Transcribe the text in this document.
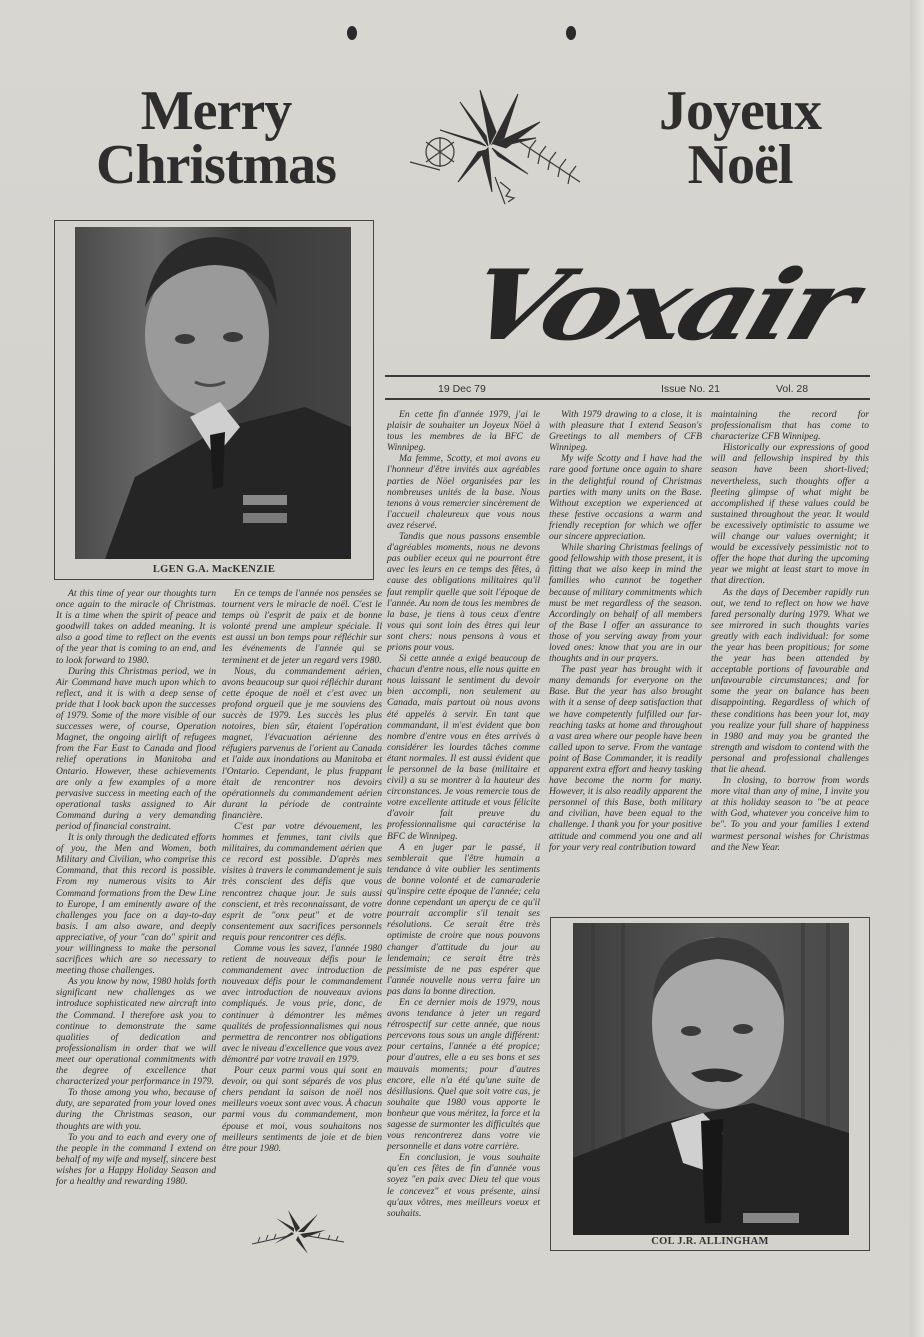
Merry
Christmas
Joyeux
Noël
LGEN G.A. MacKENZIE
Voxair
19 Dec 79	Issue No. 21	Vol. 28

At this time of year our thoughts turn once again to the miracle of Christmas. It is a time when the spirit of peace and goodwill takes on added meaning. It is also a good time to reflect on the events of the year that is coming to an end, and to look forward to 1980.

During this Christmas period, we in Air Command have much upon which to reflect, and it is with a deep sense of pride that I look back upon the successes of 1979. Some of the more visible of our successes were, of course, Operation Magnet, the ongoing airlift of refugees from the Far East to Canada and flood relief operations in Manitoba and Ontario. However, these achievements are only a few examples of a more pervasive success in meeting each of the operational tasks assigned to Air Command during a very demanding period of financial constraint.

It is only through the dedicated efforts of you, the Men and Women, both Military and Civilian, who comprise this Command, that this record is possible. From my numerous visits to Air Command formations from the Dew Line to Europe, I am eminently aware of the challenges you face on a day-to-day basis. I am also aware, and deeply appreciative, of your "can do" spirit and your willingness to make the personal sacrifices which are so necessary to meeting those challenges.

As you know by now, 1980 holds forth significant new challenges as we introduce sophisticated new aircraft into the Command. I therefore ask you to continue to demonstrate the same qualities of dedication and professionalism in order that we will meet our operational commitments with the degree of excellence that characterized your performance in 1979.

To those among you who, because of duty, are separated from your loved ones during the Christmas season, our thoughts are with you.

To you and to each and every one of the people in the command I extend on behalf of my wife and myself, sincere best wishes for a Happy Holiday Season and for a healthy and rewarding 1980.

En ce temps de l'année nos pensées se tournent vers le miracle de noël. C'est le temps où l'esprit de paix et de bonne volonté prend une ampleur spéciale. Il est aussi un bon temps pour réfléchir sur les événements de l'année qui se terminent et de jeter un regard vers 1980.

Nous, du commandement aérien, avons beaucoup sur quoi réfléchir durant cette époque de noël et c'est avec un profond orgueil que je me souviens des succès de 1979. Les succès les plus notoires, bien sûr, étaient l'opération magnet, l'évacuation aérienne des réfugiers parvenus de l'orient au Canada et l'aide aux inondations au Manitoba et l'Ontario. Cependant, le plus frappant était de rencontrer nos devoirs opérationnels du commandement aérien durant la période de contrainte financière.

C'est par votre dévouement, les hommes et femmes, tant civils que militaires, du commandement aérien que ce record est possible. D'après mes visites à travers le commandement je suis très conscient des défis que vous rencontrez chaque jour. Je suis aussi conscient, et très reconnaissant, de votre esprit de "onx peut" et de votre consentement aux sacrifices personnels requis pour rencontrer ces défis.

Comme vous les savez, l'année 1980 retient de nouveaux défis pour le commandement avec introduction de nouveaux défis pour le commandement avec introduction de nouveaux avions compliqués. Je vous prie, donc, de continuer à démontrer les mêmes qualités de professionnalismes qui nous permettra de rencontrer nos obligations avec le niveau d'excellence que vous avez démontré par votre travail en 1979.

Pour ceux parmi vous qui sont en devoir, ou qui sont séparés de vos plus chers pendant la saison de noël nos meilleurs voeux sont avec vous. À chacun parmi vous du commandement, mon épouse et moi, vous souhaitons nos meilleurs sentiments de joie et de bien être pour 1980.

En cette fin d'année 1979, j'ai le plaisir de souhaiter un Joyeux Nöel à tous les membres de la BFC de Winnipeg.

Ma femme, Scotty, et moi avons eu l'honneur d'être invités aux agréables parties de Nöel organisées par les nombreuses unités de la base. Nous tenons à vous remercier sincèrement de l'accueil chaleureux que vous nous avez réservé.

Tandis que nous passons ensemble d'agréables moments, nous ne devons pas oublier eceux qui ne pourront être avec les leurs en ce temps des fêtes, à cause des obligations militaires qu'il faut remplir quelle que soit l'époque de l'année. Au nom de tous les membres de la base, je tiens à tous ceux d'entre vous qui sont loin des êtres qui leur sont chers: nous pensons à vous et prions pour vous.

Si cette année a exigé beaucoup de chacun d'entre nous, elle nous quitte en nous laissant le sentiment du devoir bien accompli, non seulement au Canada, mais partout où nous avons été appelés à servir. En tant que commandant, il m'est évident que bon nombre d'entre vous en êtes arrivés à considérer les lourdes tâches comme étant normales. Il est aussi évident que le personnel de la base (militaire et civil) a su se montrer à la hauteur des circonstances. Je vous remercie tous de votre excellente attitude et vous félicite d'avoir fait preuve du professionnalisme qui caractérise la BFC de Winnipeg.

A en juger par le passé, il semblerait que l'être humain a tendance à vite oublier les sentiments de bonne volonté et de camaraderie qu'inspire cette époque de l'année; cela donne cependant un aperçu de ce qu'il pourrait accomplir s'il tenait ses résolutions. Ce serait être très optimiste de croire que nous pouvons changer d'attitude du jour au lendemain; ce serait être très pessimiste de ne pas espérer que l'année nouvelle nous verra faire un pas dans la bonne direction.

En ce dernier mois de 1979, nous avons tendance à jeter un regard rétrospectif sur cette année, que nous percevons tous sous un angle différent: pour certains, l'année a été propice; pour d'autres, elle a eu ses bons et ses mauvais moments; pour d'autres encore, elle n'a été qu'une suite de désillusions. Quel que soit votre cas, je souhaite que 1980 vous apporte le bonheur que vous méritez, la force et la sagesse de surmonter les difficultés que vous rencontrerez dans votre vie personnelle et dans votre carrière.

En conclusion, je vous souhaite qu'en ces fêtes de fin d'année vous soyez "en paix avec Dieu tel que vous le concevez" et vous présente, ainsi qu'aux vôtres, mes meilleurs voeux et souhaits.

With 1979 drawing to a close, it is with pleasure that I extend Season's Greetings to all members of CFB Winnipeg.

My wife Scotty and I have had the rare good fortune once again to share in the delightful round of Christmas parties with many units on the Base. Without exception we experienced at these festive occasions a warm and friendly reception for which we offer our sincere appreciation.

While sharing Christmas feelings of good fellowship with those present, it is fitting that we also keep in mind the families who cannot be together because of military commitments which must be met regardless of the season. Accordingly on behalf of all members of the Base I offer an assurance to those of you serving away from your loved ones: know that you are in our thoughts and in our prayers.

The past year has brought with it many demands for everyone on the Base. But the year has also brought with it a sense of deep satisfaction that we have competently fulfilled our far-reaching tasks at home and throughout a vast area where our people have been called upon to serve. From the vantage point of Base Commander, it is readily apparent extra effort and heavy tasking have become the norm for many. However, it is also readily apparent the personnel of this Base, both military and civilian, have been equal to the challenge. I thank you for your positive attitude and commend you one and all for your very real contribution toward

maintaining the record for professionalism that has come to characterize CFB Winnipeg.

Historically our expressions of good will and fellowship inspired by this season have been short-lived; nevertheless, such thoughts offer a fleeting glimpse of what might be accomplished if these values could be sustained throughout the year. It would be excessively optimistic to assume we will change our values overnight; it would be excessively pessimistic not to offer the hope that during the upcoming year we might at least start to move in that direction.

As the days of December rapidly run out, we tend to reflect on how we have fared personally during 1979. What we see mirrored in such thoughts varies greatly with each individual: for some the year has been propitious; for some the year has been attended by acceptable portions of favourable and unfavourable circumstances; and for some the year on balance has been disappointing. Regardless of which of these conditions has been your lot, may you realize your full share of happiness in 1980 and may you be granted the strength and wisdom to contend with the personal and professional challenges that lie ahead.

In closing, to borrow from words more vital than any of mine, I invite you at this holiday season to "be at peace with God, whatever you conceive him to be". To you and your families I extend warmest personal wishes for Christmas and the New Year.

COL J.R. ALLINGHAM
